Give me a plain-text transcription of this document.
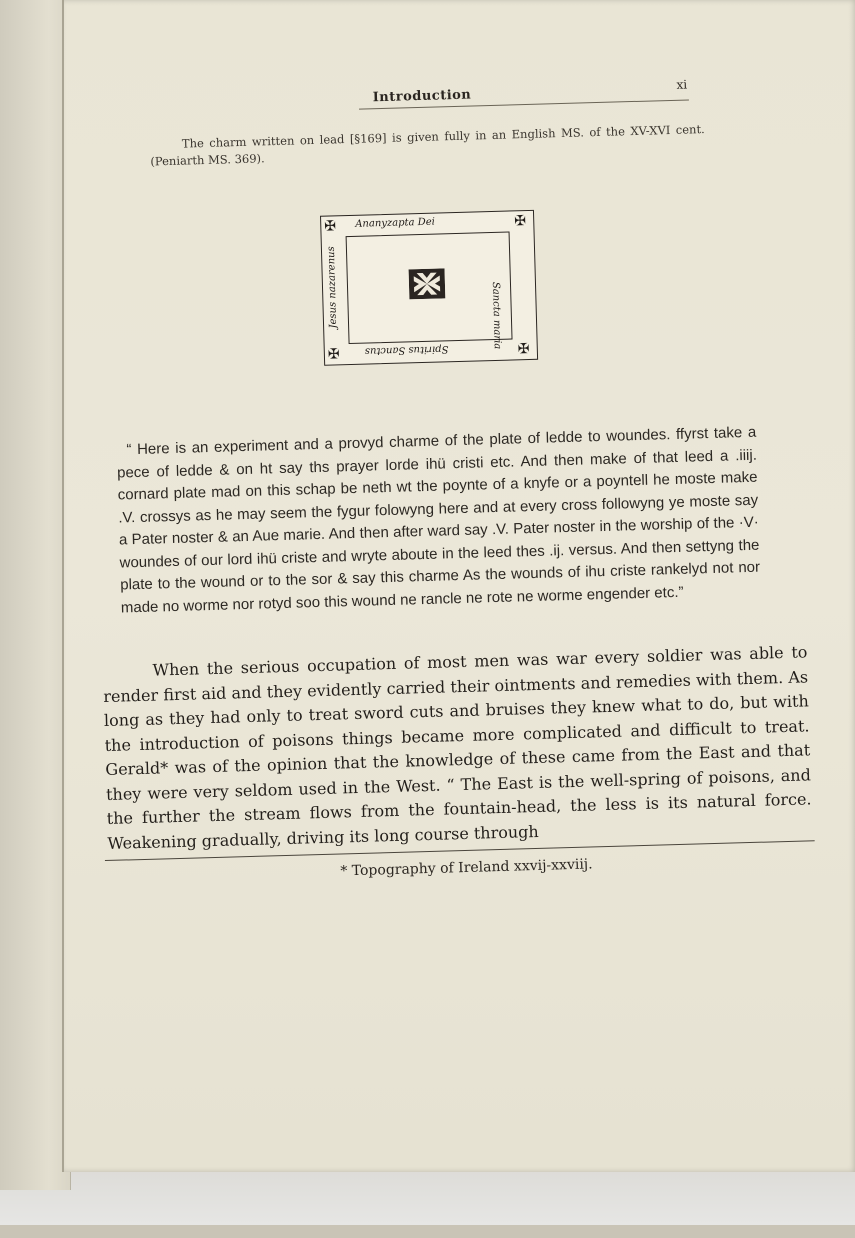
Introduction
xi
The charm written on lead [§169] is given fully in an English MS. of the XV-XVI cent. (Peniarth MS. 369).
✠	✠
✠	✠
Ananyzapta Dei
Sancta maria
Spiritus Sanctus
Jesus nazarenus
“ Here is an experiment and a provyd charme of the plate of ledde to woundes. ffyrst take a pece of ledde & on ht say ths prayer lorde ihü cristi etc. And then make of that leed a .iiij. cornard plate mad on this schap be neth wt the poynte of a knyfe or a poyntell he moste make .V. crossys as he may seem the fygur folowyng here and at every cross followyng ye moste say a Pater noster & an Aue marie. And then after ward say .V. Pater noster in the worship of the ·V· woundes of our lord ihü criste and wryte aboute in the leed thes .ij. versus. And then settyng the plate to the wound or to the sor & say this charme As the wounds of ihu criste rankelyd not nor made no worme nor rotyd soo this wound ne rancle ne rote ne worme engender etc.”
When the serious occupation of most men was war every soldier was able to render first aid and they evidently carried their ointments and remedies with them. As long as they had only to treat sword cuts and bruises they knew what to do, but with the introduction of poisons things became more complicated and difficult to treat. Gerald* was of the opinion that the knowledge of these came from the East and that they were very seldom used in the West. “ The East is the well-spring of poisons, and the further the stream flows from the fountain-head, the less is its natural force. Weakening gradually, driving its long course through
* Topography of Ireland xxvij-xxviij.
